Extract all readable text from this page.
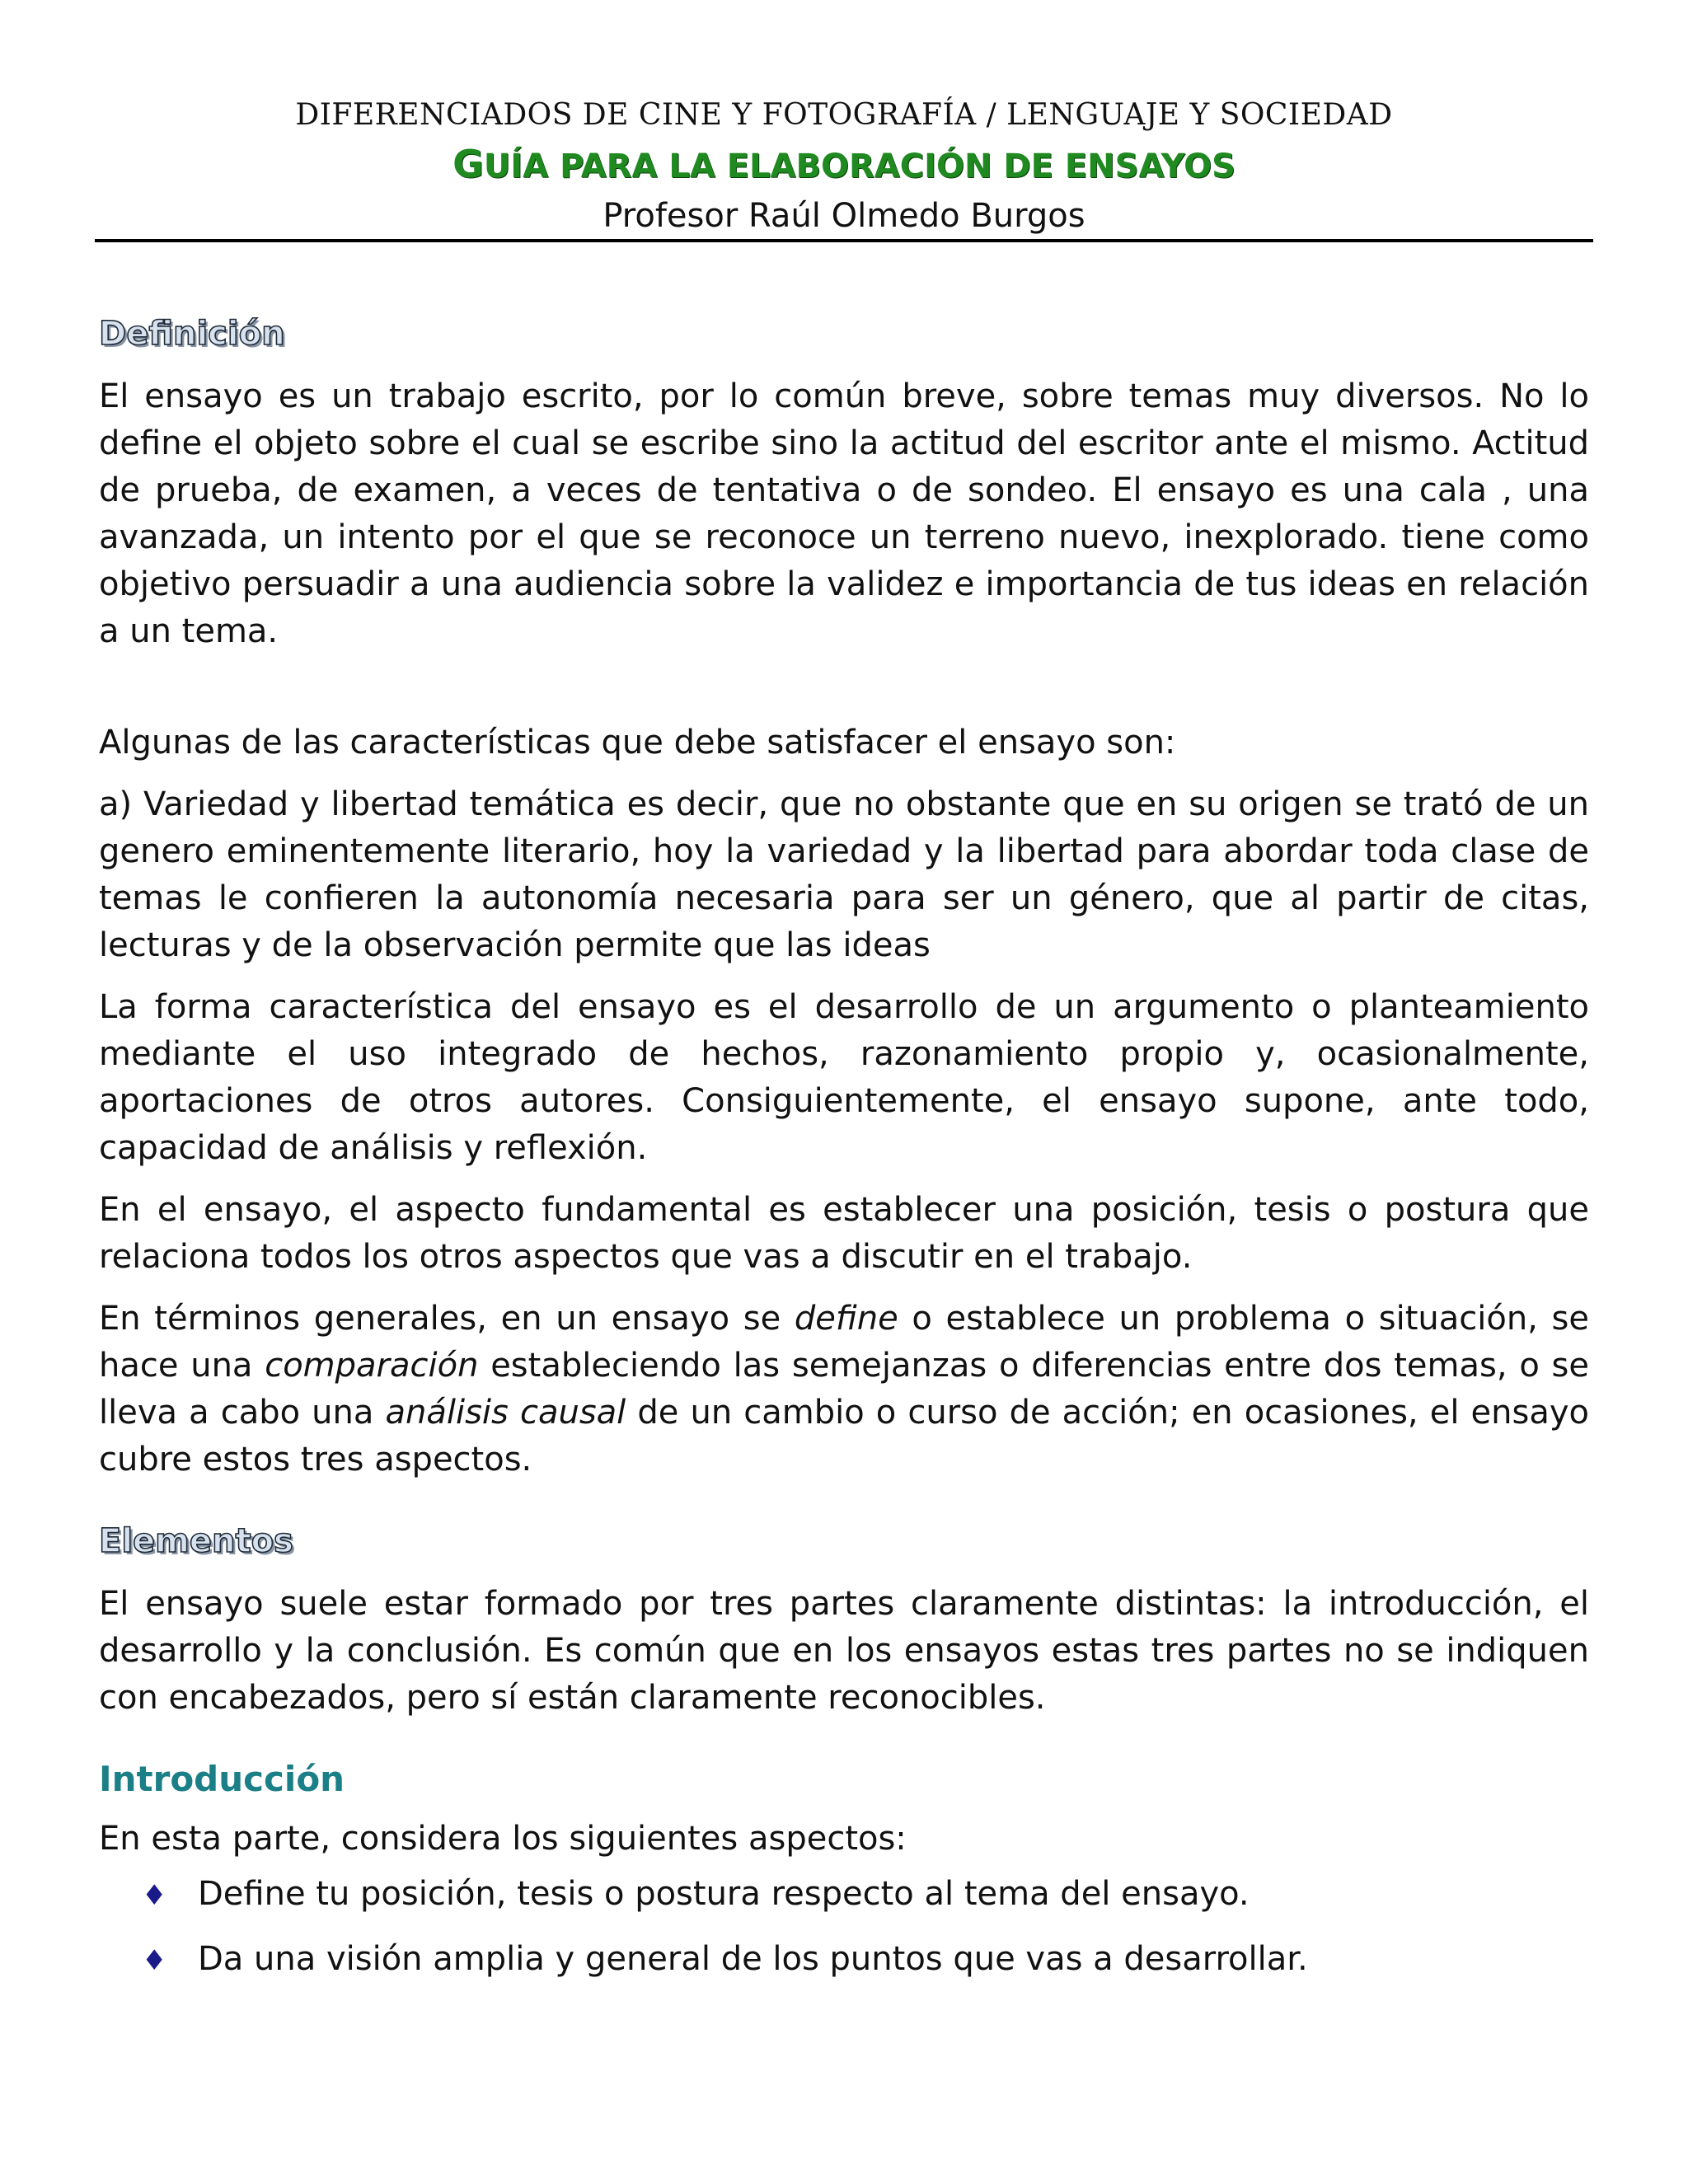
DIFERENCIADOS DE CINE Y FOTOGRAFÍA / LENGUAJE Y SOCIEDAD
GUÍA PARA LA ELABORACIÓN DE ENSAYOS
Profesor Raúl Olmedo Burgos
Definición

El ensayo es un trabajo escrito, por lo común breve, sobre temas muy diversos. No lo define el objeto sobre el cual se escribe sino la actitud del escritor ante el mismo. Actitud de prueba, de examen, a veces de tentativa o de sondeo. El ensayo es una cala , una avanzada, un intento por el que se reconoce un terreno nuevo, inexplorado. tiene como objetivo persuadir a una audiencia sobre la validez e importancia de tus ideas en relación a un tema.

Algunas de las características que debe satisfacer el ensayo son:

a) Variedad y libertad temática es decir, que no obstante que en su origen se trató de un genero eminentemente literario, hoy la variedad y la libertad para abordar toda clase de temas le confieren la autonomía necesaria para ser un género, que al partir de citas, lecturas y de la observación permite que las ideas

La forma característica del ensayo es el desarrollo de un argumento o planteamiento mediante el uso integrado de hechos, razonamiento propio y, ocasionalmente, aportaciones de otros autores. Consiguientemente, el ensayo supone, ante todo, capacidad de análisis y reflexión.

En el ensayo, el aspecto fundamental es establecer una posición, tesis o postura que relaciona todos los otros aspectos que vas a discutir en el trabajo.

En términos generales, en un ensayo se define o establece un problema o situación, se hace una comparación estableciendo las semejanzas o diferencias entre dos temas, o se lleva a cabo una análisis causal de un cambio o curso de acción; en ocasiones, el ensayo cubre estos tres aspectos.

Elementos

El ensayo suele estar formado por tres partes claramente distintas: la introducción, el desarrollo y la conclusión. Es común que en los ensayos estas tres partes no se indiquen con encabezados, pero sí están claramente reconocibles.

Introducción

En esta parte, considera los siguientes aspectos:

♦ Define tu posición, tesis o postura respecto al tema del ensayo.
♦ Da una visión amplia y general de los puntos que vas a desarrollar.
